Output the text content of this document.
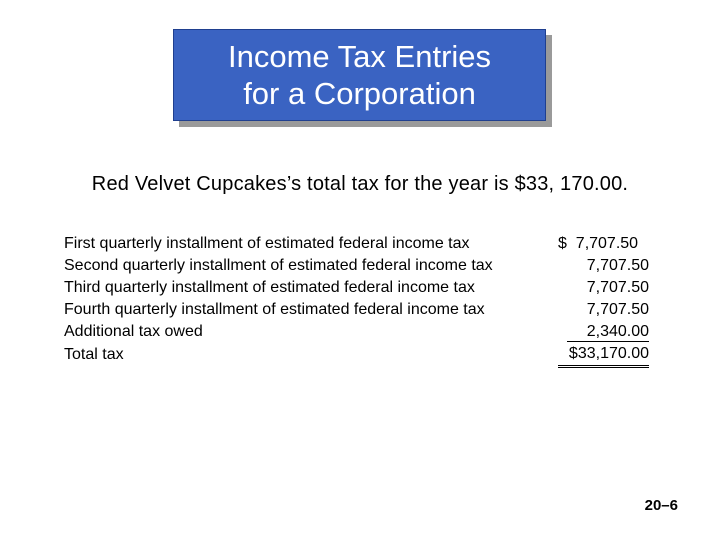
Income Tax Entries
for a Corporation
Red Velvet Cupcakes’s total tax for the year is $33, 170.00.
First quarterly installment of estimated federal income tax	$  7,707.50
Second quarterly installment of estimated federal income tax	7,707.50
Third quarterly installment of estimated federal income tax	7,707.50
Fourth quarterly installment of estimated federal income tax	7,707.50
Additional tax owed	2,340.00
Total tax	$33,170.00
20–6
